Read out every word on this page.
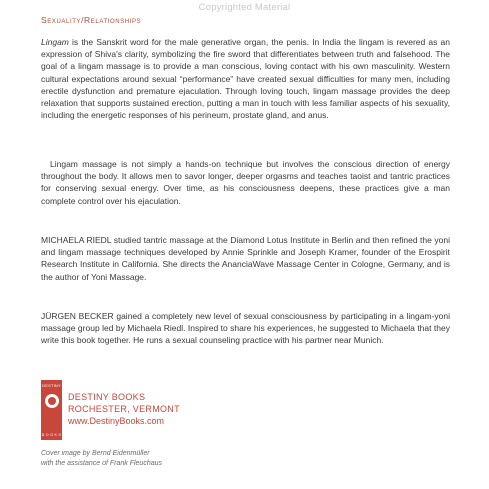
Copyrighted Material
Sexuality/Relationships

Lingam is the Sanskrit word for the male generative organ, the penis. In India the lingam is revered as an expression of Shiva's clarity, symbolizing the fire sword that differentiates between truth and falsehood. The goal of a lingam massage is to provide a man conscious, loving contact with his own masculinity. Western cultural expectations around sexual “performance” have created sexual difficulties for many men, including erectile dysfunction and premature ejaculation. Through loving touch, lingam massage provides the deep relaxation that supports sustained erection, putting a man in touch with less familiar aspects of his sexuality, including the energetic responses of his perineum, prostate gland, and anus.

Lingam massage is not simply a hands-on technique but involves the conscious direction of energy throughout the body. It allows men to savor longer, deeper orgasms and teaches taoist and tantric practices for conserving sexual energy. Over time, as his consciousness deepens, these practices give a man complete control over his ejaculation.

MICHAELA RIEDL studied tantric massage at the Diamond Lotus Institute in Berlin and then refined the yoni and lingam massage techniques developed by Annie Sprinkle and Joseph Kramer, founder of the Erospirit Research Institute in California. She directs the AnanciaWave Massage Center in Cologne, Germany, and is the author of Yoni Massage.

JÜRGEN BECKER gained a completely new level of sexual consciousness by participating in a lingam-yoni massage group led by Michaela Riedl. Inspired to share his experiences, he suggested to Michaela that they write this book together. He runs a sexual counseling practice with his partner near Munich.

DESTINY
B O O K S
DESTINY BOOKS
ROCHESTER, VERMONT
www.DestinyBooks.com
Cover image by Bernd Eidenmüller
with the assistance of Frank Fleuchaus
